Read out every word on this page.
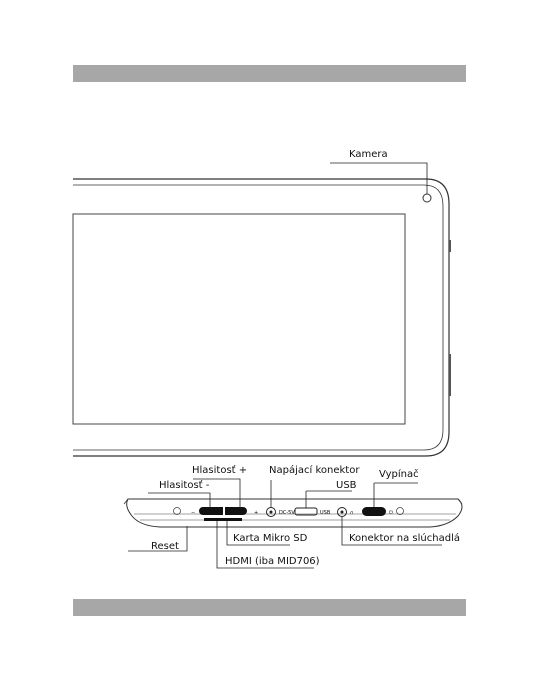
−	+	DC-5V	USB	∩	⏻
Kamera
Hlasitosť +
Hlasitosť -
Napájací konektor
USB
Vypínač
Reset
Karta Mikro SD
HDMI (iba MID706)
Konektor na slúchadlá
